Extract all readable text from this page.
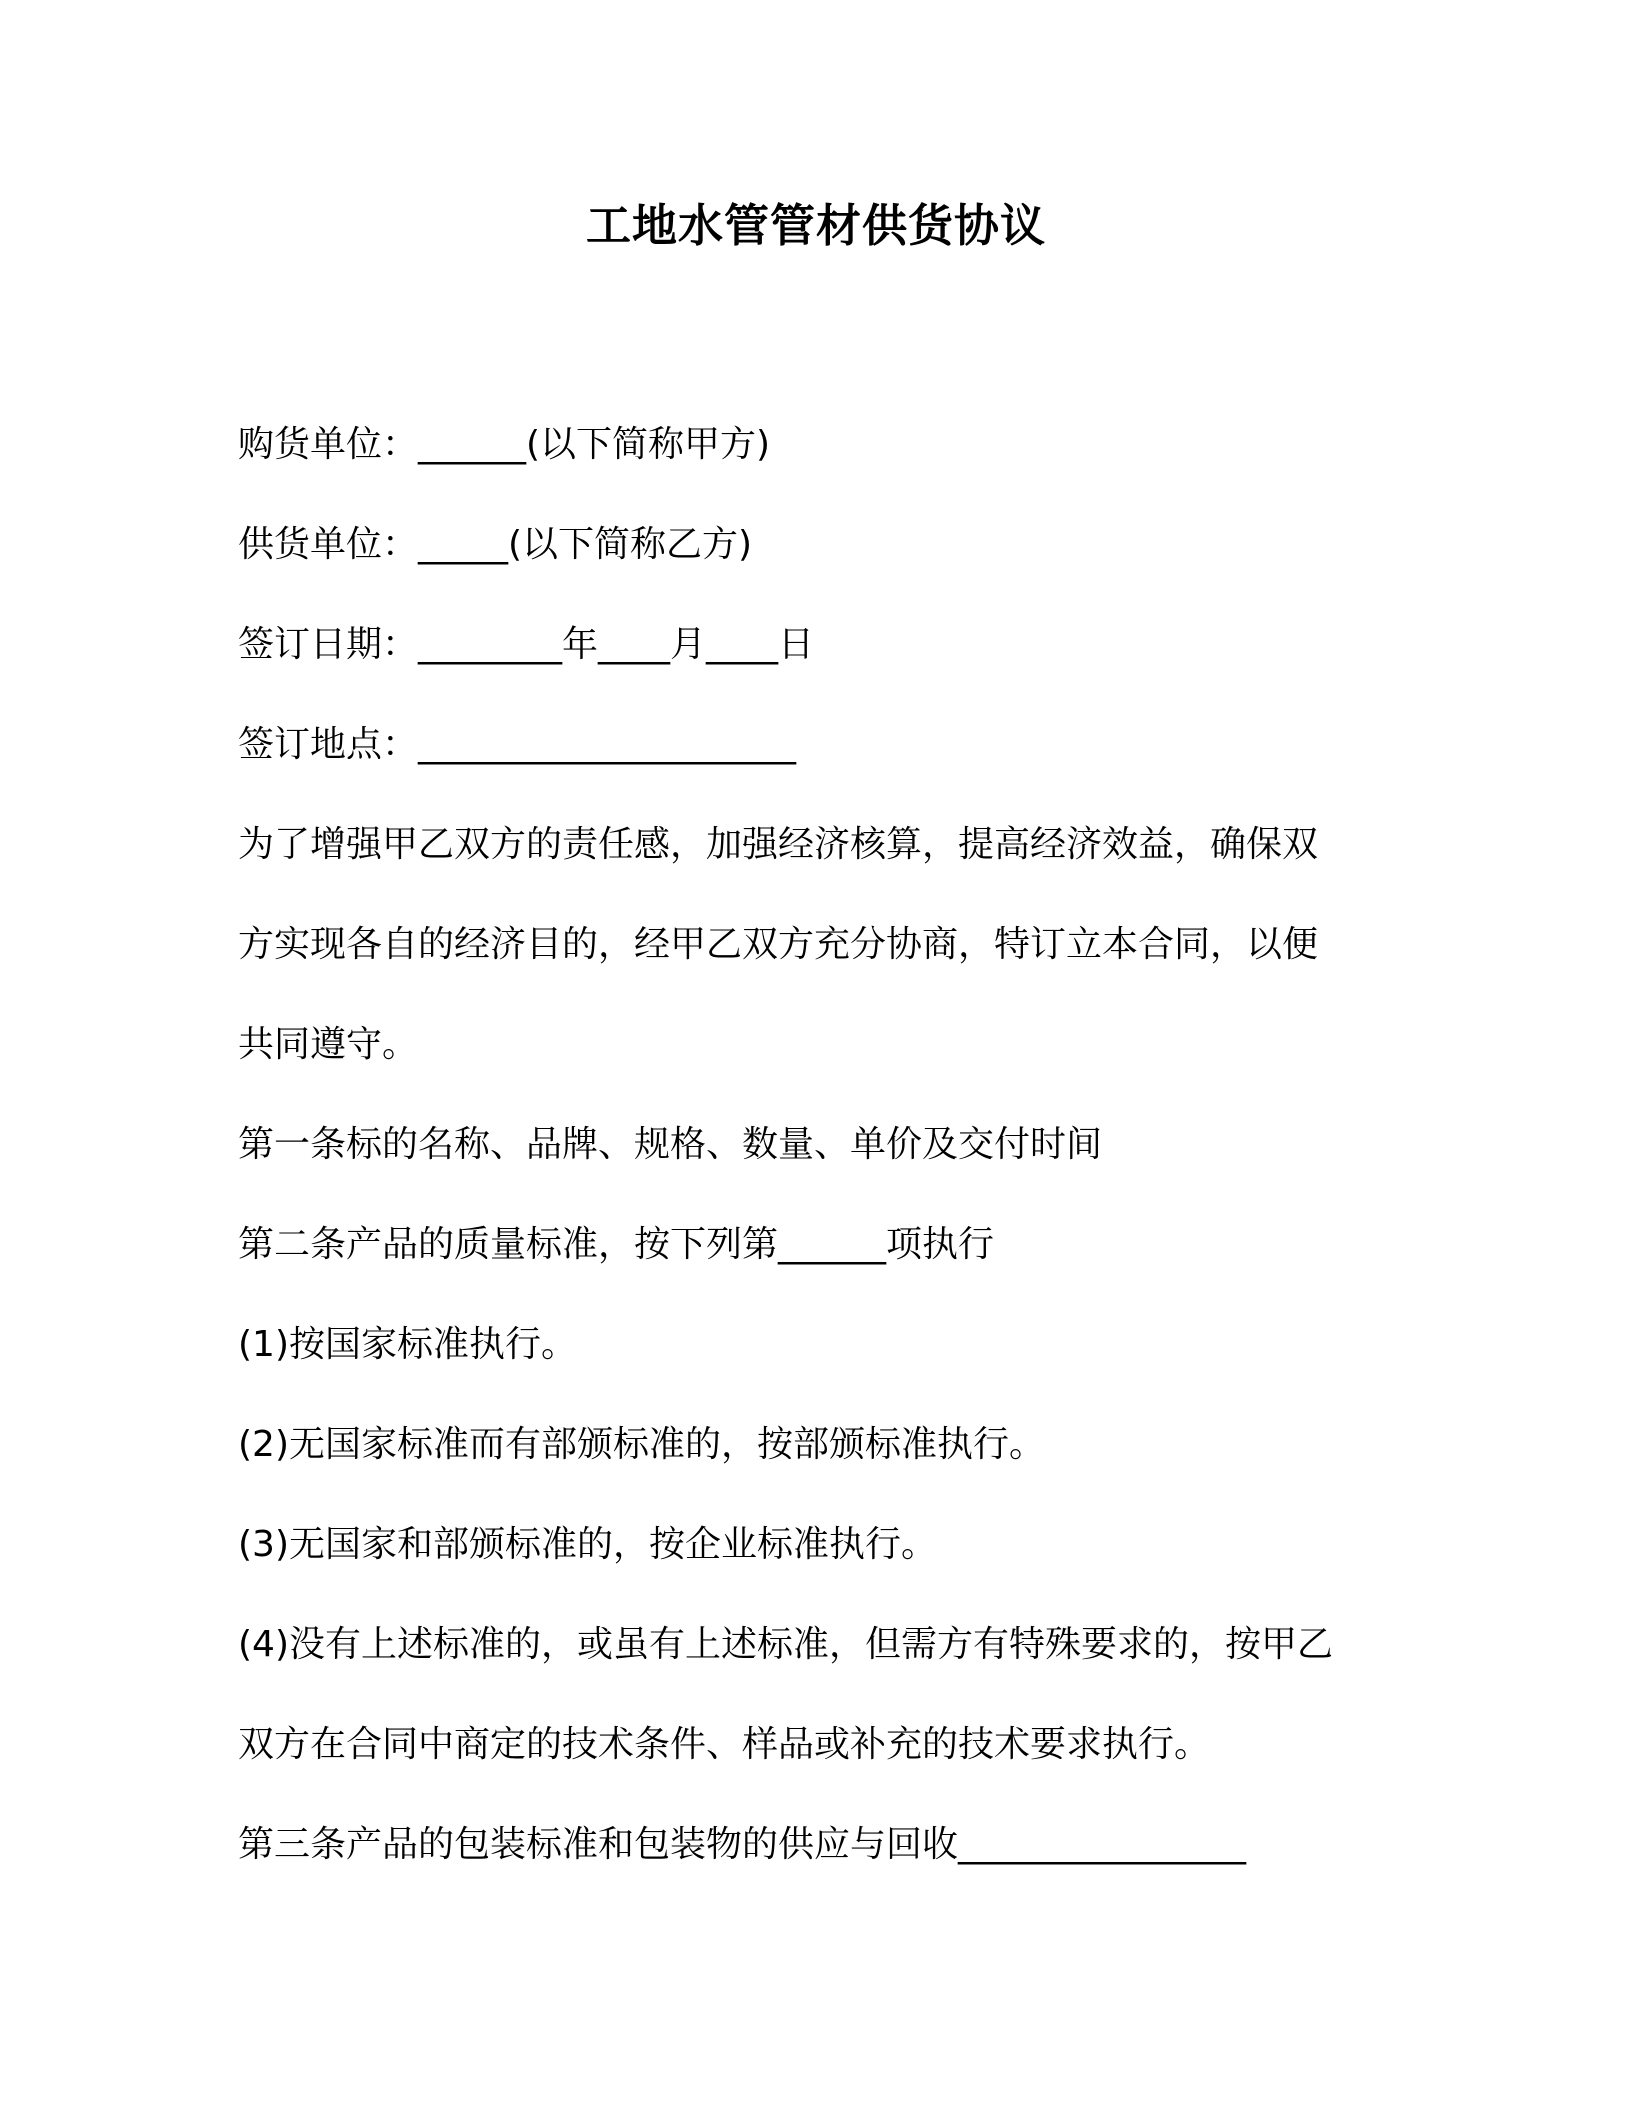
工地水管管材供货协议

购货单位：______(以下简称甲方)

供货单位：_____(以下简称乙方)

签订日期：________年____月____日

签订地点：_____________________

为了增强甲乙双方的责任感，加强经济核算，提高经济效益，确保双

方实现各自的经济目的，经甲乙双方充分协商，特订立本合同，以便

共同遵守。

第一条标的名称、品牌、规格、数量、单价及交付时间

第二条产品的质量标准，按下列第______项执行

(1)按国家标准执行。

(2)无国家标准而有部颁标准的，按部颁标准执行。

(3)无国家和部颁标准的，按企业标准执行。

(4)没有上述标准的，或虽有上述标准，但需方有特殊要求的，按甲乙

双方在合同中商定的技术条件、样品或补充的技术要求执行。

第三条产品的包装标准和包装物的供应与回收________________
